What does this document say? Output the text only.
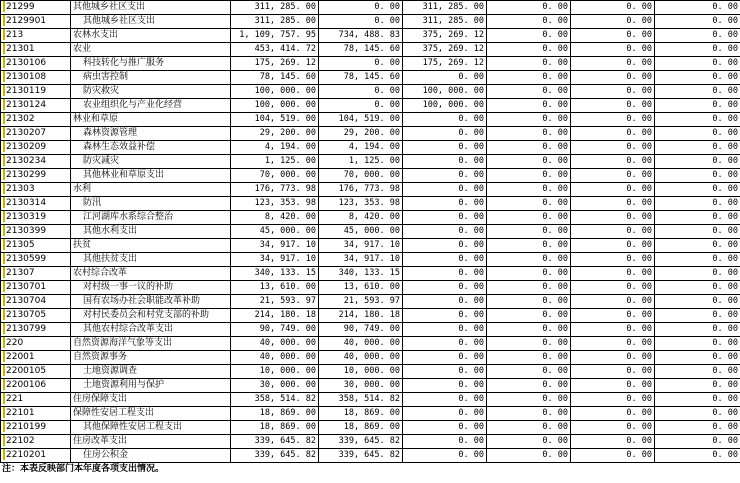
21299	其他城乡社区支出	311, 285. 00	0. 00	311, 285. 00	0. 00	0. 00	0. 00
2129901	其他城乡社区支出	311, 285. 00	0. 00	311, 285. 00	0. 00	0. 00	0. 00
213	农林水支出	1, 109, 757. 95	734, 488. 83	375, 269. 12	0. 00	0. 00	0. 00
21301	农业	453, 414. 72	78, 145. 60	375, 269. 12	0. 00	0. 00	0. 00
2130106	科技转化与推广服务	175, 269. 12	0. 00	175, 269. 12	0. 00	0. 00	0. 00
2130108	病虫害控制	78, 145. 60	78, 145. 60	0. 00	0. 00	0. 00	0. 00
2130119	防灾救灾	100, 000. 00	0. 00	100, 000. 00	0. 00	0. 00	0. 00
2130124	农业组织化与产业化经营	100, 000. 00	0. 00	100, 000. 00	0. 00	0. 00	0. 00
21302	林业和草原	104, 519. 00	104, 519. 00	0. 00	0. 00	0. 00	0. 00
2130207	森林资源管理	29, 200. 00	29, 200. 00	0. 00	0. 00	0. 00	0. 00
2130209	森林生态效益补偿	4, 194. 00	4, 194. 00	0. 00	0. 00	0. 00	0. 00
2130234	防灾减灾	1, 125. 00	1, 125. 00	0. 00	0. 00	0. 00	0. 00
2130299	其他林业和草原支出	70, 000. 00	70, 000. 00	0. 00	0. 00	0. 00	0. 00
21303	水利	176, 773. 98	176, 773. 98	0. 00	0. 00	0. 00	0. 00
2130314	防汛	123, 353. 98	123, 353. 98	0. 00	0. 00	0. 00	0. 00
2130319	江河湖库水系综合整治	8, 420. 00	8, 420. 00	0. 00	0. 00	0. 00	0. 00
2130399	其他水利支出	45, 000. 00	45, 000. 00	0. 00	0. 00	0. 00	0. 00
21305	扶贫	34, 917. 10	34, 917. 10	0. 00	0. 00	0. 00	0. 00
2130599	其他扶贫支出	34, 917. 10	34, 917. 10	0. 00	0. 00	0. 00	0. 00
21307	农村综合改革	340, 133. 15	340, 133. 15	0. 00	0. 00	0. 00	0. 00
2130701	对村级一事一议的补助	13, 610. 00	13, 610. 00	0. 00	0. 00	0. 00	0. 00
2130704	国有农场办社会职能改革补助	21, 593. 97	21, 593. 97	0. 00	0. 00	0. 00	0. 00
2130705	对村民委员会和村党支部的补助	214, 180. 18	214, 180. 18	0. 00	0. 00	0. 00	0. 00
2130799	其他农村综合改革支出	90, 749. 00	90, 749. 00	0. 00	0. 00	0. 00	0. 00
220	自然资源海洋气象等支出	40, 000. 00	40, 000. 00	0. 00	0. 00	0. 00	0. 00
22001	自然资源事务	40, 000. 00	40, 000. 00	0. 00	0. 00	0. 00	0. 00
2200105	土地资源调查	10, 000. 00	10, 000. 00	0. 00	0. 00	0. 00	0. 00
2200106	土地资源利用与保护	30, 000. 00	30, 000. 00	0. 00	0. 00	0. 00	0. 00
221	住房保障支出	358, 514. 82	358, 514. 82	0. 00	0. 00	0. 00	0. 00
22101	保障性安居工程支出	18, 869. 00	18, 869. 00	0. 00	0. 00	0. 00	0. 00
2210199	其他保障性安居工程支出	18, 869. 00	18, 869. 00	0. 00	0. 00	0. 00	0. 00
22102	住房改革支出	339, 645. 82	339, 645. 82	0. 00	0. 00	0. 00	0. 00
2210201	住房公积金	339, 645. 82	339, 645. 82	0. 00	0. 00	0. 00	0. 00
注：本表反映部门本年度各项支出情况。
